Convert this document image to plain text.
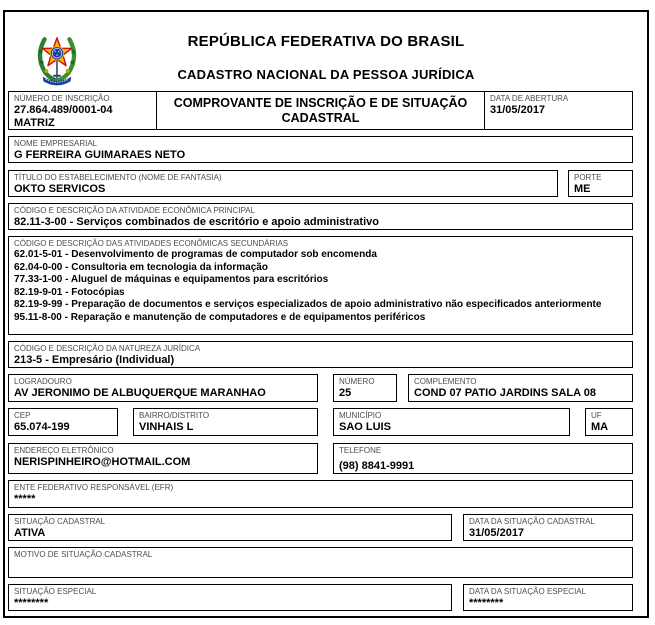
REPÚBLICA FEDERATIVA DO BRASIL
CADASTRO NACIONAL DA PESSOA JURÍDICA
NÚMERO DE INSCRIÇÃO
27.864.489/0001-04
MATRIZ
COMPROVANTE DE INSCRIÇÃO E DE SITUAÇÃO CADASTRAL
DATA DE ABERTURA
31/05/2017
NOME EMPRESARIAL
G FERREIRA GUIMARAES NETO
TÍTULO DO ESTABELECIMENTO (NOME DE FANTASIA)
OKTO SERVICOS
PORTE
ME
CÓDIGO E DESCRIÇÃO DA ATIVIDADE ECONÔMICA PRINCIPAL
82.11-3-00 - Serviços combinados de escritório e apoio administrativo
CÓDIGO E DESCRIÇÃO DAS ATIVIDADES ECONÔMICAS SECUNDÁRIAS
62.01-5-01 - Desenvolvimento de programas de computador sob encomenda
62.04-0-00 - Consultoria em tecnologia da informação
77.33-1-00 - Aluguel de máquinas e equipamentos para escritórios
82.19-9-01 - Fotocópias
82.19-9-99 - Preparação de documentos e serviços especializados de apoio administrativo não especificados anteriormente
95.11-8-00 - Reparação e manutenção de computadores e de equipamentos periféricos
CÓDIGO E DESCRIÇÃO DA NATUREZA JURÍDICA
213-5 - Empresário (Individual)
LOGRADOURO
AV JERONIMO DE ALBUQUERQUE MARANHAO
NÚMERO
25
COMPLEMENTO
COND 07 PATIO JARDINS SALA 08
CEP
65.074-199
BAIRRO/DISTRITO
VINHAIS L
MUNICÍPIO
SAO LUIS
UF
MA
ENDEREÇO ELETRÔNICO
NERISPINHEIRO@HOTMAIL.COM
TELEFONE
(98) 8841-9991
ENTE FEDERATIVO RESPONSÁVEL (EFR)
*****
SITUAÇÃO CADASTRAL
ATIVA
DATA DA SITUAÇÃO CADASTRAL
31/05/2017
MOTIVO DE SITUAÇÃO CADASTRAL
SITUAÇÃO ESPECIAL
********
DATA DA SITUAÇÃO ESPECIAL
********
